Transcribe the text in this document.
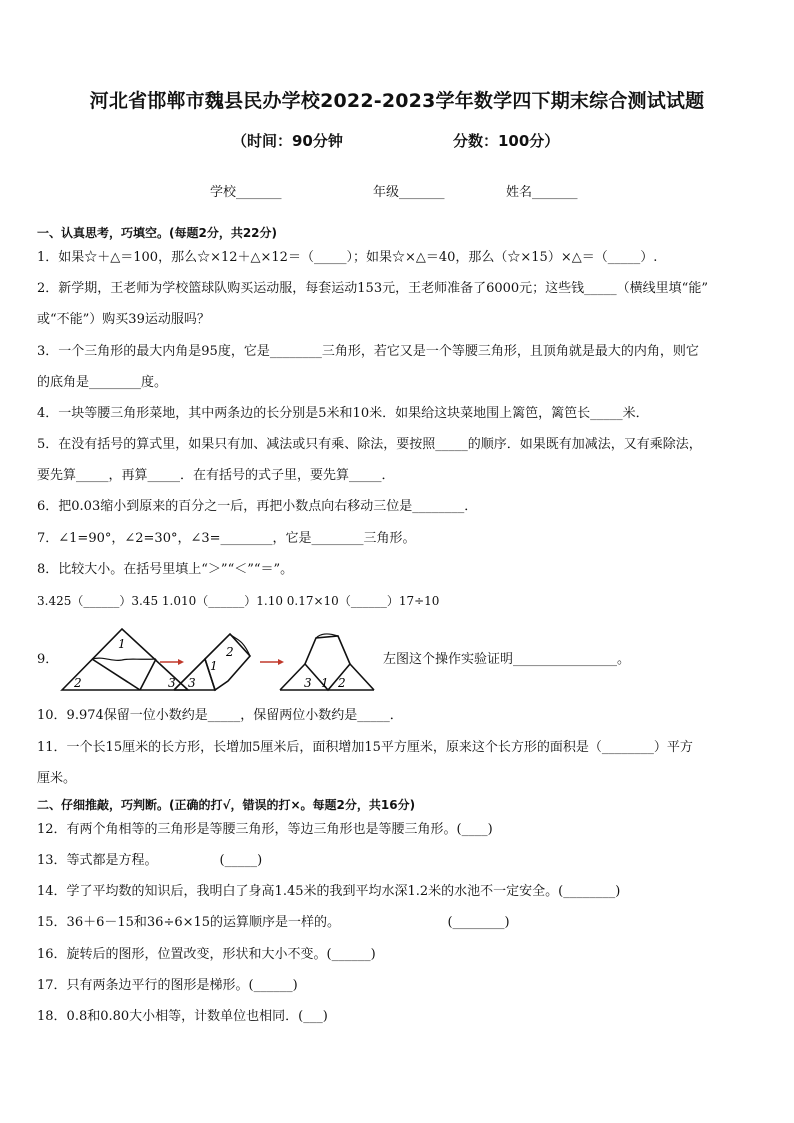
河北省邯郸市魏县民办学校2022-2023学年数学四下期末综合测试试题
（时间：90分钟	分数：100分）
学校_______	年级_______	姓名_______
一、认真思考，巧填空。(每题2分，共22分)
1．如果☆＋△＝100，那么☆×12＋△×12＝（_____）；如果☆×△＝40，那么（☆×15）×△＝（_____）.
2．新学期，王老师为学校篮球队购买运动服，每套运动153元，王老师准备了6000元；这些钱_____（横线里填“能”
或“不能”）购买39运动服吗？
3．一个三角形的最大内角是95度，它是________三角形，若它又是一个等腰三角形，且顶角就是最大的内角，则它
的底角是________度。
4．一块等腰三角形菜地，其中两条边的长分别是5米和10米．如果给这块菜地围上篱笆，篱笆长_____米．
5．在没有括号的算式里，如果只有加、减法或只有乘、除法，要按照_____的顺序．如果既有加减法，又有乘除法，
要先算_____，再算_____．在有括号的式子里，要先算_____．
6．把0.03缩小到原来的百分之一后，再把小数点向右移动三位是________．
7．∠1=90°，∠2=30°，∠3=________，它是________三角形。
8．比较大小。在括号里填上“＞”“＜”“＝”。
3.425（______）3.45 1.010（______）1.10 0.17×10（______）17÷10
9．
1
2	3
1
3
2
3 1 2
左图这个操作实验证明________________。
10．9.974保留一位小数约是_____，保留两位小数约是_____．
11．一个长15厘米的长方形，长增加5厘米后，面积增加15平方厘米，原来这个长方形的面积是（________）平方
厘米。
二、仔细推敲，巧判断。(正确的打√，错误的打×。每题2分，共16分)
12．有两个角相等的三角形是等腰三角形，等边三角形也是等腰三角形。(____)
13．等式都是方程。               (_____)
14．学了平均数的知识后，我明白了身高1.45米的我到平均水深1.2米的水池不一定安全。(________)
15．36＋6－15和36÷6×15的运算顺序是一样的。                          (________)
16．旋转后的图形，位置改变，形状和大小不变。(______)
17．只有两条边平行的图形是梯形。(______)
18．0.8和0.80大小相等，计数单位也相同．(___)
